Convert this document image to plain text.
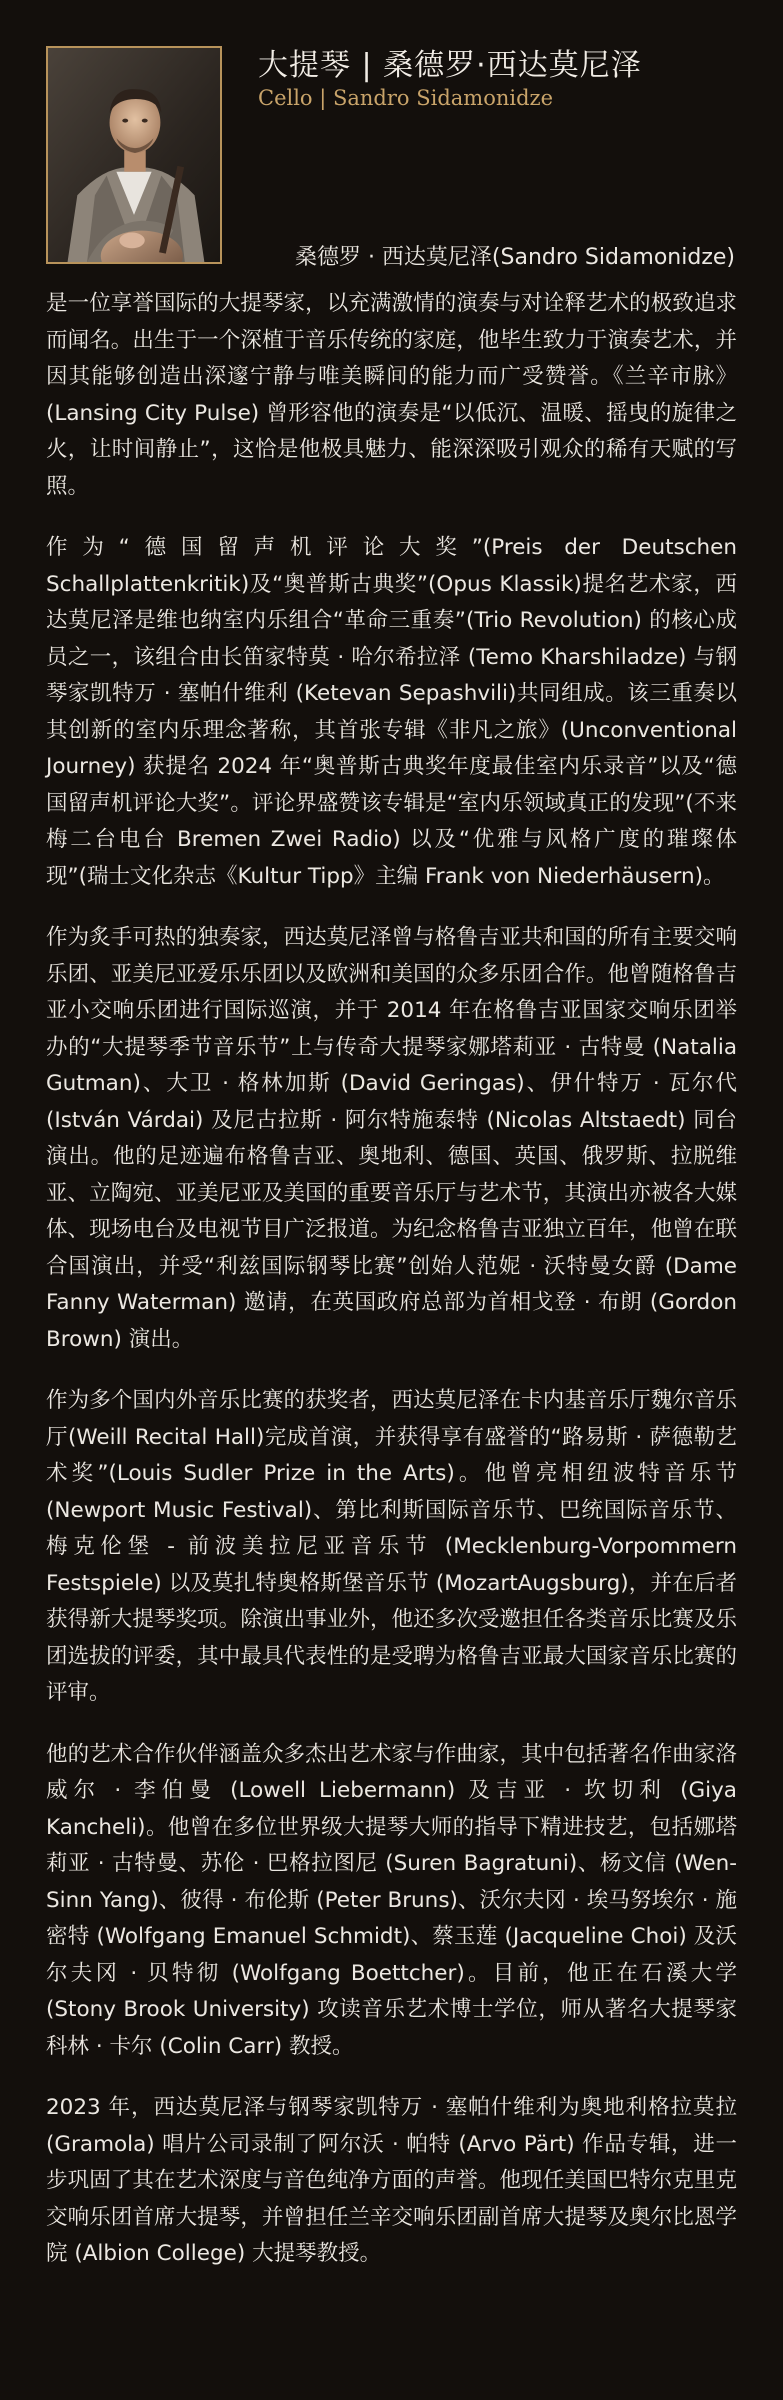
大提琴 | 桑德罗·西达莫尼泽
Cello | Sandro Sidamonidze
桑德罗 · 西达莫尼泽(Sandro Sidamonidze)

是一位享誉国际的大提琴家，以充满激情的演奏与对诠释艺术的极致追求而闻名。出生于一个深植于音乐传统的家庭，他毕生致力于演奏艺术，并因其能够创造出深邃宁静与唯美瞬间的能力而广受赞誉。《兰辛市脉》(Lansing City Pulse) 曾形容他的演奏是“以低沉、温暖、摇曳的旋律之火，让时间静止”，这恰是他极具魅力、能深深吸引观众的稀有天赋的写照。

作为“德国留声机评论大奖”(Preis der Deutschen Schallplattenkritik)及“奥普斯古典奖”(Opus Klassik)提名艺术家，西达莫尼泽是维也纳室内乐组合“革命三重奏”(Trio Revolution) 的核心成员之一，该组合由长笛家特莫 · 哈尔希拉泽 (Temo Kharshiladze) 与钢琴家凯特万 · 塞帕什维利 (Ketevan Sepashvili)共同组成。该三重奏以其创新的室内乐理念著称，其首张专辑《非凡之旅》(Unconventional Journey) 获提名 2024 年“奥普斯古典奖年度最佳室内乐录音”以及“德国留声机评论大奖”。评论界盛赞该专辑是“室内乐领域真正的发现”(不来梅二台电台 Bremen Zwei Radio) 以及“优雅与风格广度的璀璨体现”(瑞士文化杂志《Kultur Tipp》主编 Frank von Niederhäusern)。

作为炙手可热的独奏家，西达莫尼泽曾与格鲁吉亚共和国的所有主要交响乐团、亚美尼亚爱乐乐团以及欧洲和美国的众多乐团合作。他曾随格鲁吉亚小交响乐团进行国际巡演，并于 2014 年在格鲁吉亚国家交响乐团举办的“大提琴季节音乐节”上与传奇大提琴家娜塔莉亚 · 古特曼 (Natalia Gutman)、大卫 · 格林加斯 (David Geringas)、伊什特万 · 瓦尔代 (István Várdai) 及尼古拉斯 · 阿尔特施泰特 (Nicolas Altstaedt) 同台演出。他的足迹遍布格鲁吉亚、奥地利、德国、英国、俄罗斯、拉脱维亚、立陶宛、亚美尼亚及美国的重要音乐厅与艺术节，其演出亦被各大媒体、现场电台及电视节目广泛报道。为纪念格鲁吉亚独立百年，他曾在联合国演出，并受“利兹国际钢琴比赛”创始人范妮 · 沃特曼女爵 (Dame Fanny Waterman) 邀请，在英国政府总部为首相戈登 · 布朗 (Gordon Brown) 演出。

作为多个国内外音乐比赛的获奖者，西达莫尼泽在卡内基音乐厅魏尔音乐厅(Weill Recital Hall)完成首演，并获得享有盛誉的“路易斯 · 萨德勒艺术奖”(Louis Sudler Prize in the Arts)。他曾亮相纽波特音乐节 (Newport Music Festival)、第比利斯国际音乐节、巴统国际音乐节、梅克伦堡 - 前波美拉尼亚音乐节 (Mecklenburg-Vorpommern Festspiele) 以及莫扎特奥格斯堡音乐节 (MozartAugsburg)，并在后者获得新大提琴奖项。除演出事业外，他还多次受邀担任各类音乐比赛及乐团选拔的评委，其中最具代表性的是受聘为格鲁吉亚最大国家音乐比赛的评审。

他的艺术合作伙伴涵盖众多杰出艺术家与作曲家，其中包括著名作曲家洛威尔 · 李伯曼 (Lowell Liebermann) 及吉亚 · 坎切利 (Giya Kancheli)。他曾在多位世界级大提琴大师的指导下精进技艺，包括娜塔莉亚 · 古特曼、苏伦 · 巴格拉图尼 (Suren Bagratuni)、杨文信 (Wen-Sinn Yang)、彼得 · 布伦斯 (Peter Bruns)、沃尔夫冈 · 埃马努埃尔 · 施密特 (Wolfgang Emanuel Schmidt)、蔡玉莲 (Jacqueline Choi) 及沃尔夫冈 · 贝特彻 (Wolfgang Boettcher)。目前，他正在石溪大学 (Stony Brook University) 攻读音乐艺术博士学位，师从著名大提琴家科林 · 卡尔 (Colin Carr) 教授。

2023 年，西达莫尼泽与钢琴家凯特万 · 塞帕什维利为奥地利格拉莫拉 (Gramola) 唱片公司录制了阿尔沃 · 帕特 (Arvo Pärt) 作品专辑，进一步巩固了其在艺术深度与音色纯净方面的声誉。他现任美国巴特尔克里克交响乐团首席大提琴，并曾担任兰辛交响乐团副首席大提琴及奥尔比恩学院 (Albion College) 大提琴教授。
